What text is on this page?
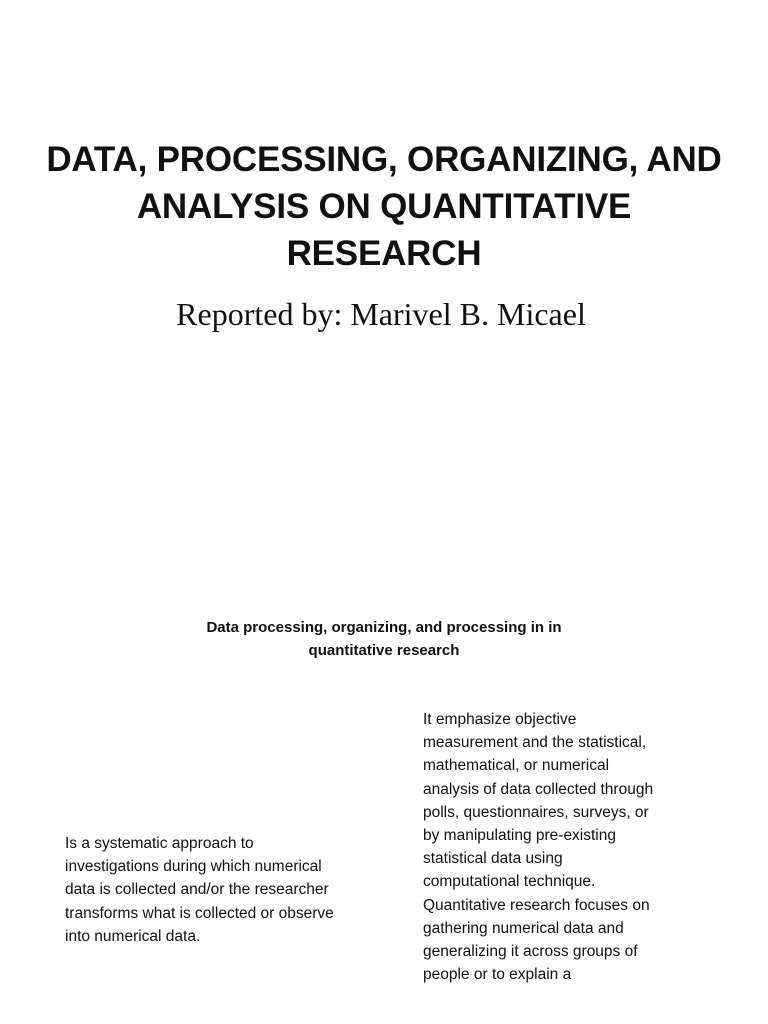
DATA, PROCESSING, ORGANIZING, AND ANALYSIS ON QUANTITATIVE RESEARCH
Reported by: Marivel B. Micael
Data processing, organizing, and processing in in quantitative research
Is a systematic approach to investigations during which numerical data is collected and/or the researcher transforms what is collected or observe into numerical data.
It emphasize objective measurement and the statistical, mathematical, or numerical analysis of data collected through polls, questionnaires, surveys, or by manipulating pre-existing statistical data using computational technique. Quantitative research focuses on gathering numerical data and generalizing it across groups of people or to explain a
